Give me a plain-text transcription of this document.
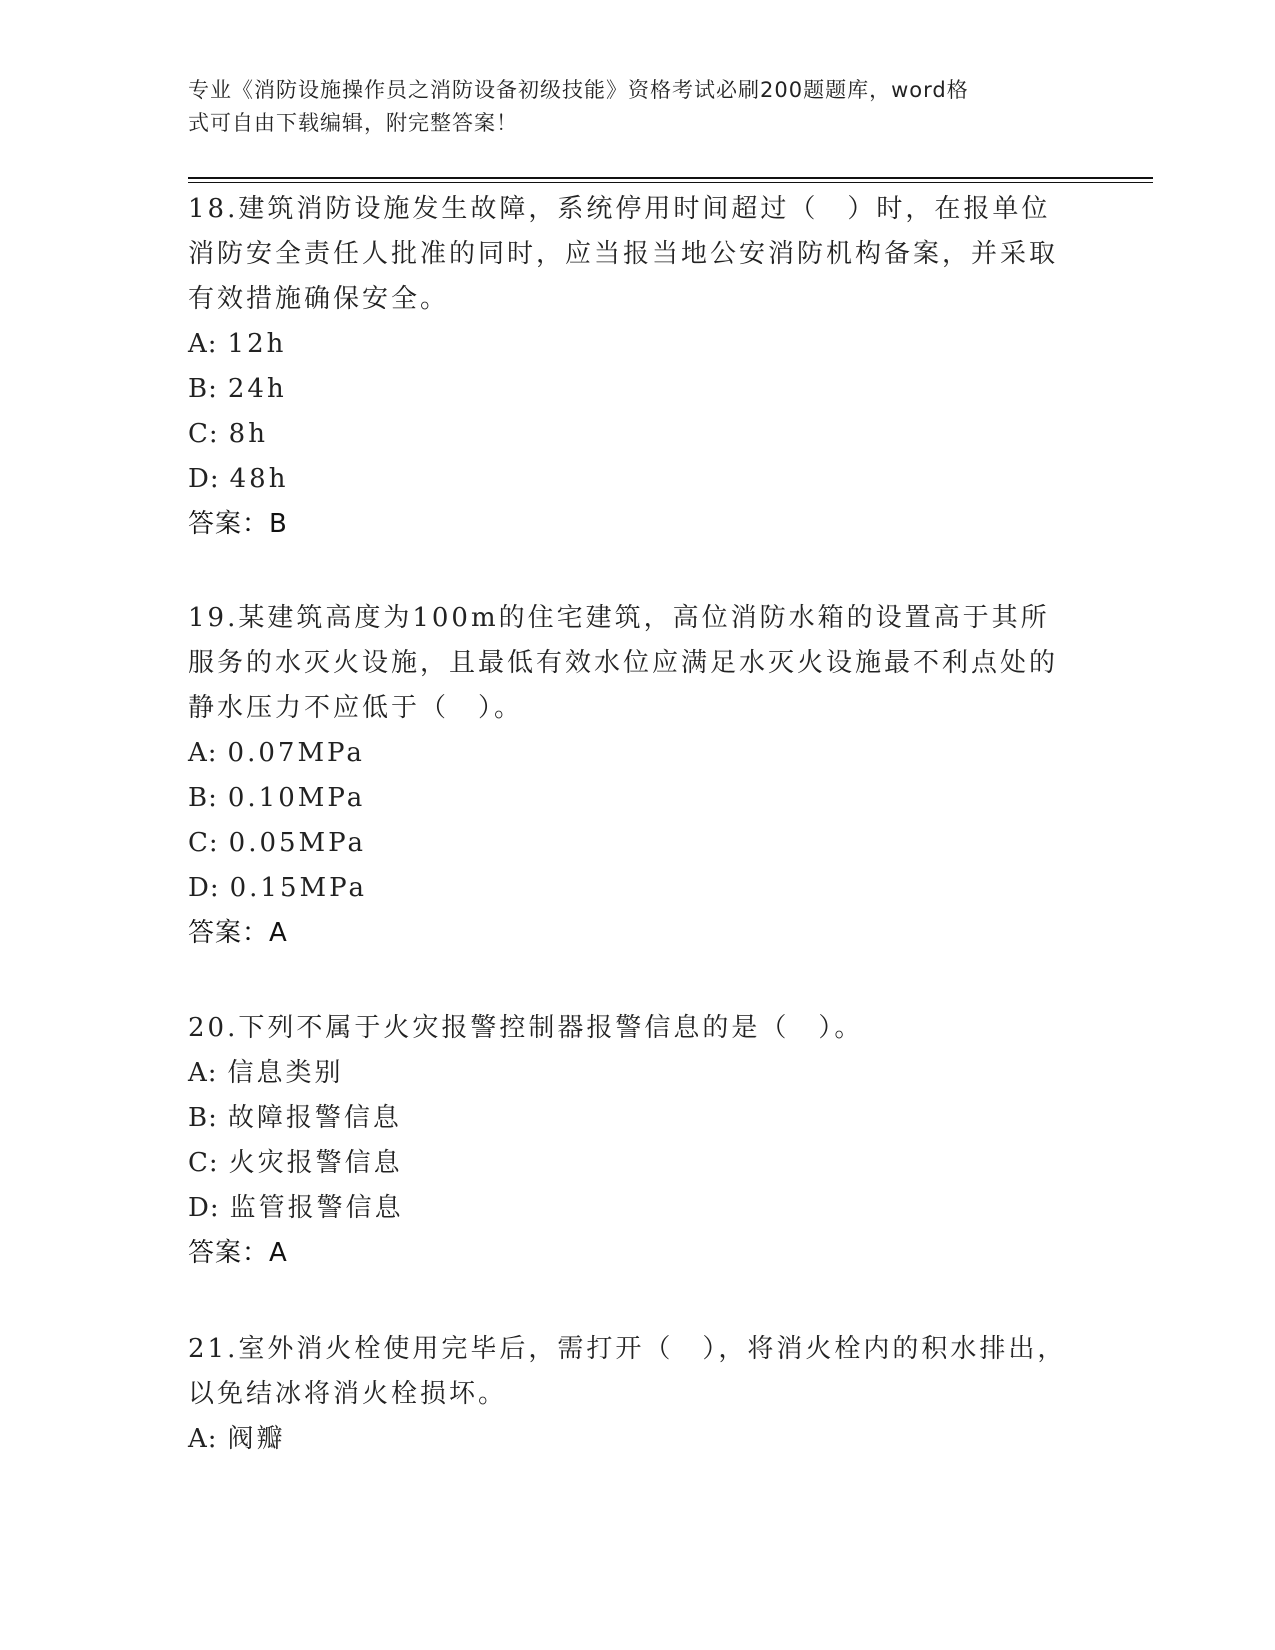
专业《消防设施操作员之消防设备初级技能》资格考试必刷200题题库，word格
式可自由下载编辑，附完整答案！
18.建筑消防设施发生故障，系统停用时间超过（　）时，在报单位消防安全责任人批准的同时，应当报当地公安消防机构备案，并采取有效措施确保安全。
A: 12h
B: 24h
C: 8h
D: 48h
答案：B
19.某建筑高度为100m的住宅建筑，高位消防水箱的设置高于其所服务的水灭火设施，且最低有效水位应满足水灭火设施最不利点处的静水压力不应低于（　）。
A: 0.07MPa
B: 0.10MPa
C: 0.05MPa
D: 0.15MPa
答案：A
20.下列不属于火灾报警控制器报警信息的是（　）。
A: 信息类别
B: 故障报警信息
C: 火灾报警信息
D: 监管报警信息
答案：A
21.室外消火栓使用完毕后，需打开（　），将消火栓内的积水排出，以免结冰将消火栓损坏。
A: 阀瓣
